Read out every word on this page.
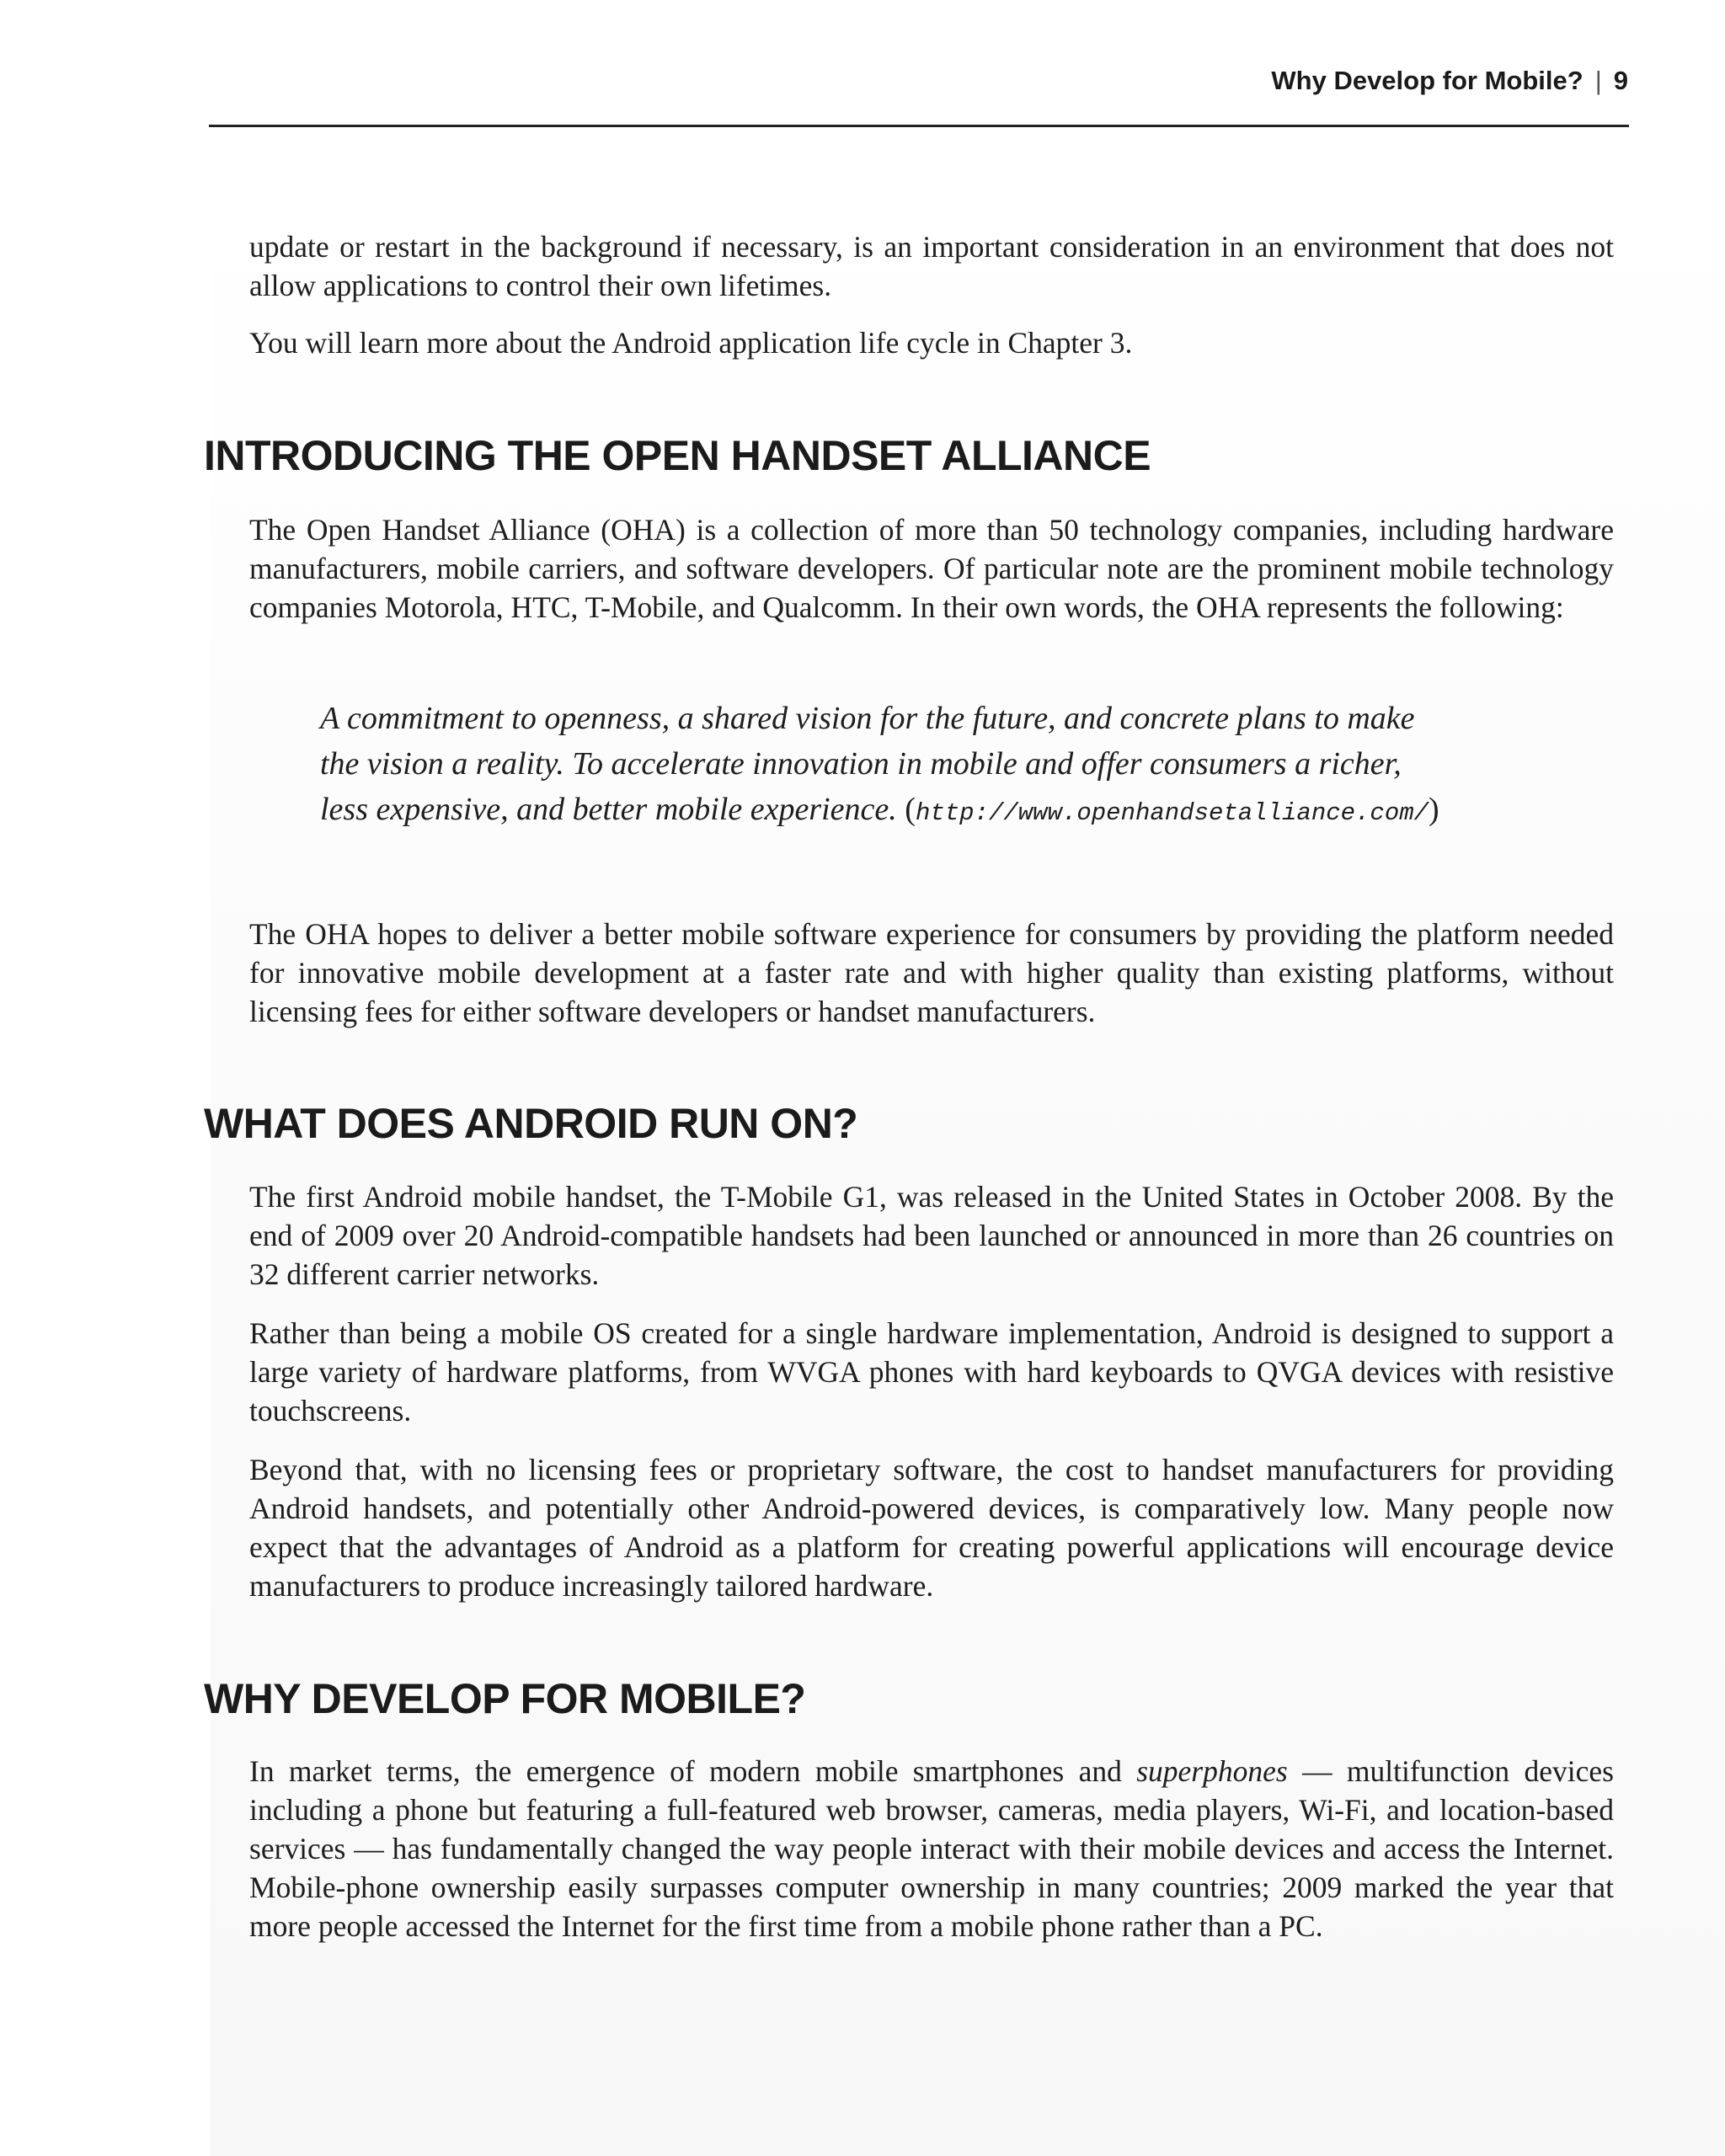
Why Develop for Mobile? | 9

update or restart in the background if necessary, is an important consideration in an environment that does not allow applications to control their own lifetimes.

You will learn more about the Android application life cycle in Chapter 3.

INTRODUCING THE OPEN HANDSET ALLIANCE

The Open Handset Alliance (OHA) is a collection of more than 50 technology companies, including hardware manufacturers, mobile carriers, and software developers. Of particular note are the prominent mobile technology companies Motorola, HTC, T-Mobile, and Qualcomm. In their own words, the OHA represents the following:

A commitment to openness, a shared vision for the future, and concrete plans to make the vision a reality. To accelerate innovation in mobile and offer consumers a richer, less expensive, and better mobile experience. (http://www.openhandsetalliance.com/)

The OHA hopes to deliver a better mobile software experience for consumers by providing the platform needed for innovative mobile development at a faster rate and with higher quality than existing platforms, without licensing fees for either software developers or handset manufacturers.

WHAT DOES ANDROID RUN ON?

The first Android mobile handset, the T-Mobile G1, was released in the United States in October 2008. By the end of 2009 over 20 Android-compatible handsets had been launched or announced in more than 26 countries on 32 different carrier networks.

Rather than being a mobile OS created for a single hardware implementation, Android is designed to support a large variety of hardware platforms, from WVGA phones with hard keyboards to QVGA devices with resistive touchscreens.

Beyond that, with no licensing fees or proprietary software, the cost to handset manufacturers for providing Android handsets, and potentially other Android-powered devices, is comparatively low. Many people now expect that the advantages of Android as a platform for creating powerful applications will encourage device manufacturers to produce increasingly tailored hardware.

WHY DEVELOP FOR MOBILE?

In market terms, the emergence of modern mobile smartphones and superphones — multifunction devices including a phone but featuring a full-featured web browser, cameras, media players, Wi-Fi, and location-based services — has fundamentally changed the way people interact with their mobile devices and access the Internet. Mobile-phone ownership easily surpasses computer ownership in many countries; 2009 marked the year that more people accessed the Internet for the first time from a mobile phone rather than a PC.
